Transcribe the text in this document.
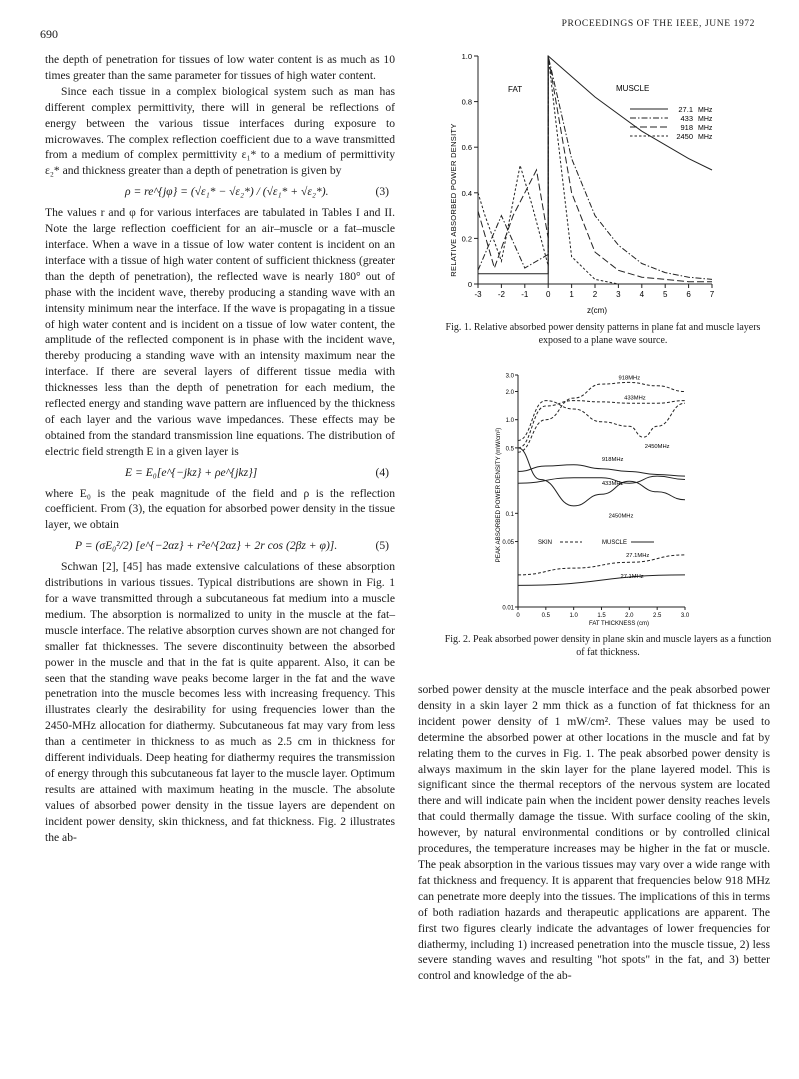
690
PROCEEDINGS OF THE IEEE, JUNE 1972

the depth of penetration for tissues of low water content is as much as 10 times greater than the same parameter for tissues of high water content.

Since each tissue in a complex biological system such as man has different complex permittivity, there will in general be reflections of energy between the various tissue interfaces during exposure to microwaves. The complex reflection coefficient due to a wave transmitted from a medium of complex permittivity ε₁* to a medium of permittivity ε₂* and thickness greater than a depth of penetration is given by

ρ = re^{jφ} = (√ε₁* − √ε₂*) / (√ε₁* + √ε₂*).	(3)

The values r and φ for various interfaces are tabulated in Tables I and II. Note the large reflection coefficient for an air–muscle or a fat–muscle interface. When a wave in a tissue of low water content is incident on an interface with a tissue of high water content of sufficient thickness (greater than the depth of penetration), the reflected wave is nearly 180° out of phase with the incident wave, thereby producing a standing wave with an intensity minimum near the interface. If the wave is propagating in a tissue of high water content and is incident on a tissue of low water content, the amplitude of the reflected component is in phase with the incident wave, thereby producing a standing wave with an intensity maximum near the interface. If there are several layers of different tissue media with thicknesses less than the depth of penetration for each medium, the reflected energy and standing wave pattern are influenced by the thickness of each layer and the various wave impedances. These effects may be obtained from the standard transmission line equations. The distribution of electric field strength E in a given layer is

E = E₀[e^{−jkz} + ρe^{jkz}]	(4)

where E₀ is the peak magnitude of the field and ρ is the reflection coefficient. From (3), the equation for absorbed power density in the tissue layer, we obtain

P = (σE₀²/2) [e^{−2αz} + r²e^{2αz} + 2r cos (2βz + φ)].	(5)

Schwan [2], [45] has made extensive calculations of these absorption distributions in various tissues. Typical distributions are shown in Fig. 1 for a wave transmitted through a subcutaneous fat medium into a muscle medium. The absorption is normalized to unity in the muscle at the fat–muscle interface. The relative absorption curves shown are not changed for smaller fat thicknesses. The severe discontinuity between the absorbed power in the muscle and that in the fat is quite apparent. Also, it can be seen that the standing wave peaks become larger in the fat and the wave penetration into the muscle becomes less with increasing frequency. This illustrates clearly the desirability for using frequencies lower than the 2450-MHz allocation for diathermy. Subcutaneous fat may vary from less than a centimeter in thickness to as much as 2.5 cm in thickness for different individuals. Deep heating for diathermy requires the transmission of energy through this subcutaneous fat layer to the muscle layer. Optimum results are attained with maximum heating in the muscle. The absolute values of absorbed power density in the tissue layers are dependent on incident power density, skin thickness, and fat thickness. Fig. 2 illustrates the ab-

sorbed power density at the muscle interface and the peak absorbed power density in a skin layer 2 mm thick as a function of fat thickness for an incident power density of 1 mW/cm². These values may be used to determine the absorbed power at other locations in the muscle and fat by relating them to the curves in Fig. 1. The peak absorbed power density is always maximum in the skin layer for the plane layered model. This is significant since the thermal receptors of the nervous system are located there and will indicate pain when the incident power density reaches levels that could thermally damage the tissue. With surface cooling of the skin, however, by natural environmental conditions or by controlled clinical procedures, the temperature increases may be higher in the fat or muscle. The peak absorption in the various tissues may vary over a wide range with fat thickness and frequency. It is apparent that frequencies below 918 MHz can penetrate more deeply into the tissues. The implications of this in terms of both radiation hazards and therapeutic applications are apparent. The first two figures clearly indicate the advantages of lower frequencies for diathermy, including 1) increased penetration into the muscle tissue, 2) less severe standing waves and resulting "hot spots" in the fat, and 3) better control and knowledge of the ab-

0
0.2
0.4
0.6
0.8
1.0
-3 -2 -1 0 1 2 3 4 5 6 7
RELATIVE ABSORBED POWER DENSITY
z(cm)
FAT	MUSCLE
27.1 MHz
433 MHz
918 MHz
2450 MHz
Fig. 1. Relative absorbed power density patterns in plane fat and muscle layers exposed to a plane wave source.
0.01
0.05
0.1
0.5
1.0
2.0
3.0
0	0.5	1.0	1.5	2.0	2.5	3.0
PEAK ABSORBED POWER DENSITY (mW/cm²)
FAT THICKNESS (cm)
918MHz
433MHz
2450MHz
918MHz
433MHz
2450MHz
27.1MHz
27.1MHz
SKIN	MUSCLE
Fig. 2. Peak absorbed power density in plane skin and muscle layers as a function of fat thickness.
